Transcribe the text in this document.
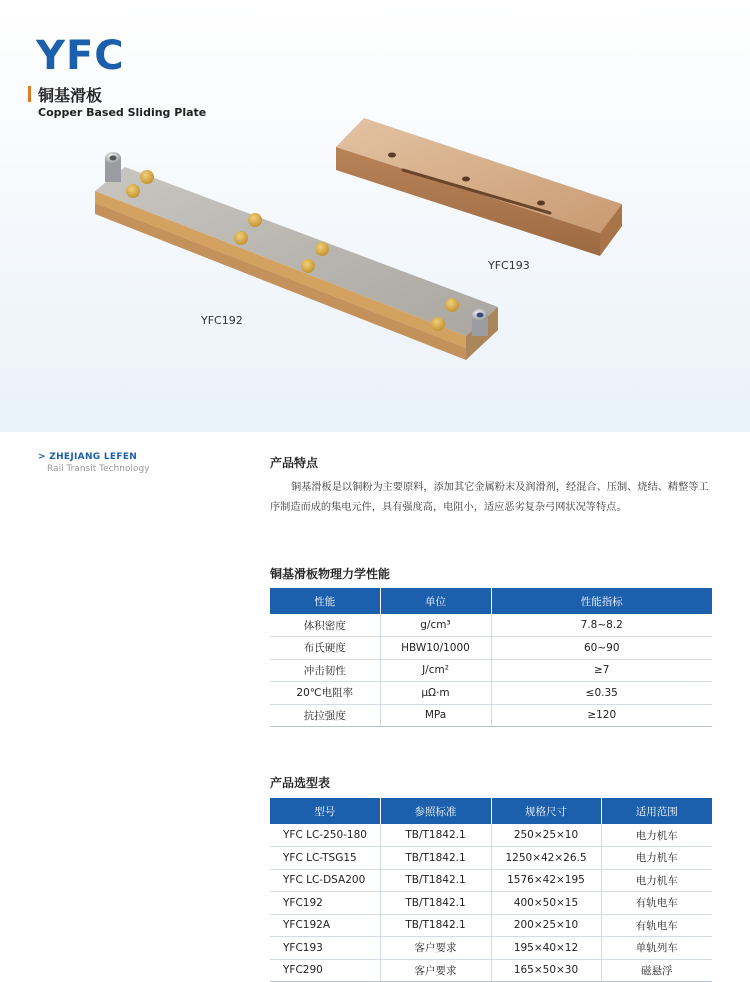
YFC
铜基滑板
Copper Based Sliding Plate
YFC193
YFC192
> ZHEJIANG LEFEN
Rail Transit Technology	产品特点

铜基滑板是以铜粉为主要原料，添加其它金属粉末及润滑剂，经混合、压制、烧结、精整等工序制造而成的集电元件，具有强度高，电阻小，适应恶劣复杂弓网状况等特点。

铜基滑板物理力学性能
性能	单位	性能指标
体积密度	g/cm³	7.8~8.2
布氏硬度	HBW10/1000	60~90
冲击韧性	J/cm²	≥7
20℃电阻率	μΩ·m	≤0.35
抗拉强度	MPa	≥120
产品选型表
型号	参照标准	规格尺寸	适用范围
YFC LC-250-180	TB/T1842.1	250×25×10	电力机车
YFC LC-TSG15	TB/T1842.1	1250×42×26.5	电力机车
YFC LC-DSA200	TB/T1842.1	1576×42×195	电力机车
YFC192	TB/T1842.1	400×50×15	有轨电车
YFC192A	TB/T1842.1	200×25×10	有轨电车
YFC193	客户要求	195×40×12	单轨列车
YFC290	客户要求	165×50×30	磁悬浮
